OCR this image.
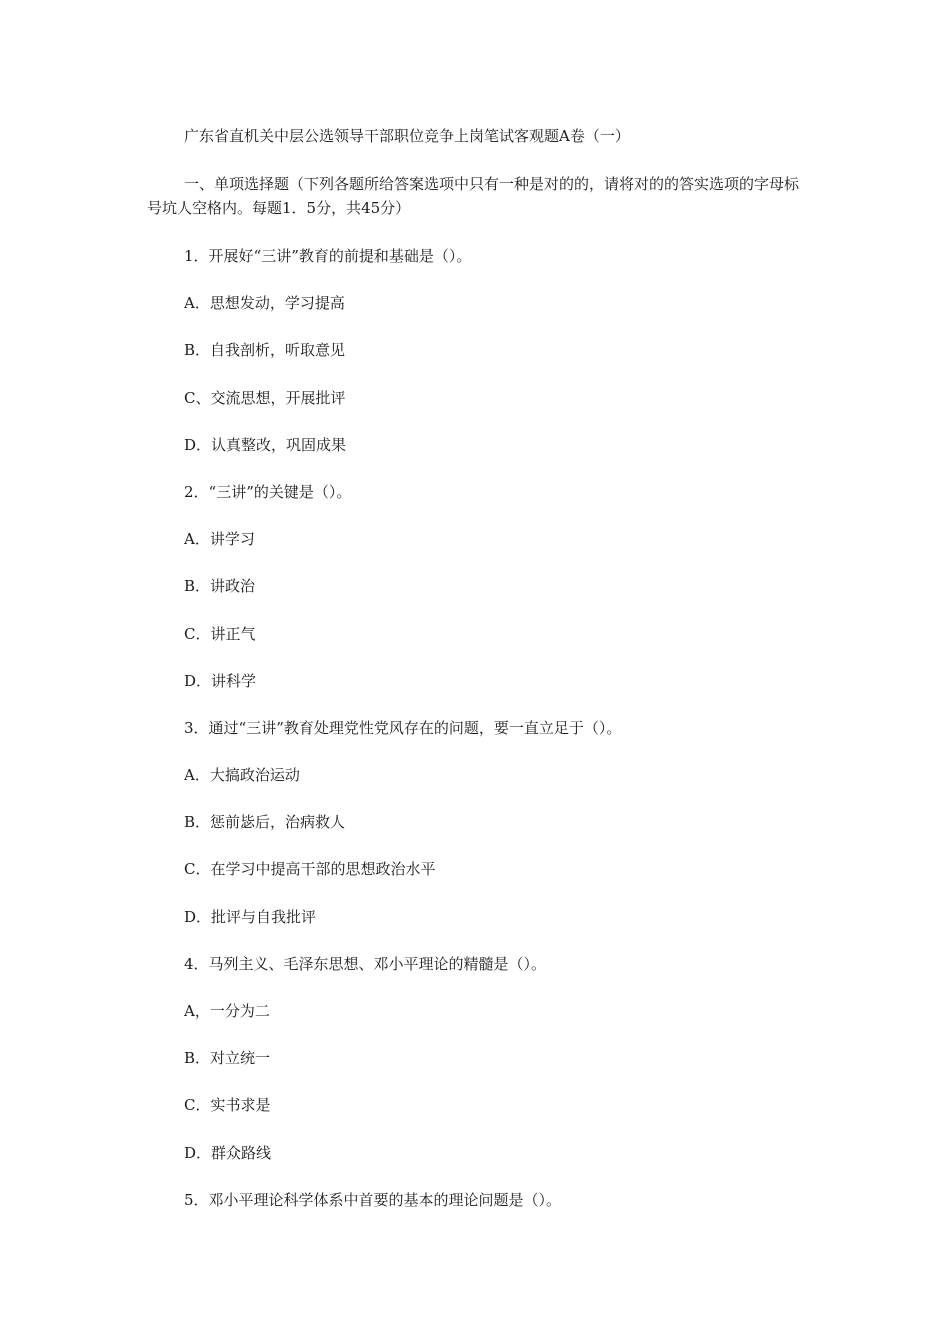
广东省直机关中层公选领导干部职位竞争上岗笔试客观题A卷（一）

一、单项选择题（下列各题所给答案选项中只有一种是对的的，请将对的的答实选项的字母标号坑人空格内。每题1．5分，共45分）

1．开展好“三讲”教育的前提和基础是（）。
A．思想发动，学习提高
B．自我剖析，听取意见
C、交流思想，开展批评
D．认真整改，巩固成果
2．“三讲”的关键是（）。
A．讲学习
B．讲政治
C．讲正气
D．讲科学
3．通过“三讲”教育处理党性党风存在的问题，要一直立足于（）。
A．大搞政治运动
B．惩前毖后，治病救人
C．在学习中提高干部的思想政治水平
D．批评与自我批评
4．马列主义、毛泽东思想、邓小平理论的精髓是（）。
A，一分为二
B．对立统一
C．实书求是
D．群众路线
5．邓小平理论科学体系中首要的基本的理论问题是（）。
